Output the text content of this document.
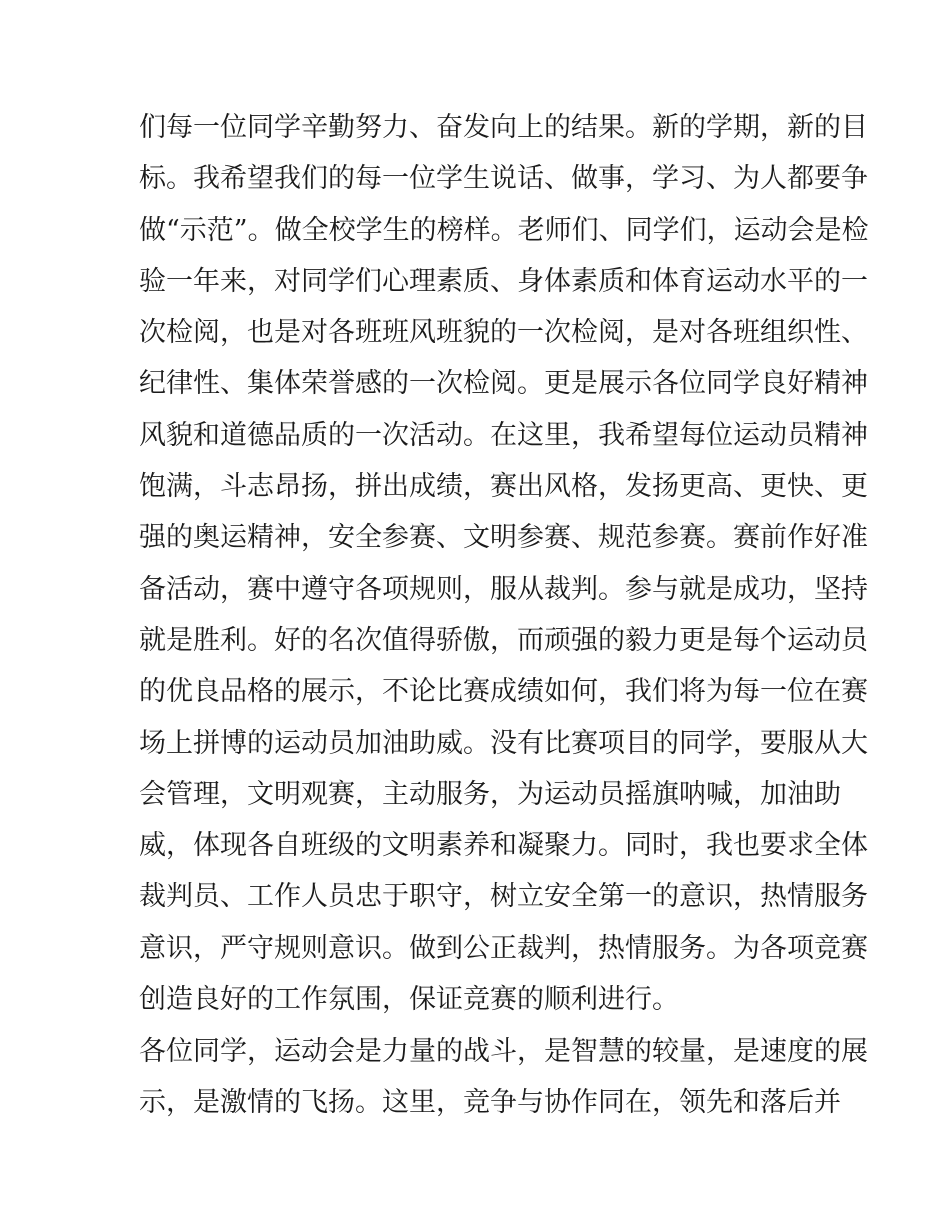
们每一位同学辛勤努力、奋发向上的结果。新的学期，新的目
标。我希望我们的每一位学生说话、做事，学习、为人都要争
做“示范”。做全校学生的榜样。老师们、同学们，运动会是检
验一年来，对同学们心理素质、身体素质和体育运动水平的一
次检阅，也是对各班班风班貌的一次检阅，是对各班组织性、
纪律性、集体荣誉感的一次检阅。更是展示各位同学良好精神
风貌和道德品质的一次活动。在这里，我希望每位运动员精神
饱满，斗志昂扬，拼出成绩，赛出风格，发扬更高、更快、更
强的奥运精神，安全参赛、文明参赛、规范参赛。赛前作好准
备活动，赛中遵守各项规则，服从裁判。参与就是成功，坚持
就是胜利。好的名次值得骄傲，而顽强的毅力更是每个运动员
的优良品格的展示，不论比赛成绩如何，我们将为每一位在赛
场上拼博的运动员加油助威。没有比赛项目的同学，要服从大
会管理，文明观赛，主动服务，为运动员摇旗呐喊，加油助
威，体现各自班级的文明素养和凝聚力。同时，我也要求全体
裁判员、工作人员忠于职守，树立安全第一的意识，热情服务
意识，严守规则意识。做到公正裁判，热情服务。为各项竞赛
创造良好的工作氛围，保证竞赛的顺利进行。
各位同学，运动会是力量的战斗，是智慧的较量，是速度的展
示，是激情的飞扬。这里，竞争与协作同在，领先和落后并
